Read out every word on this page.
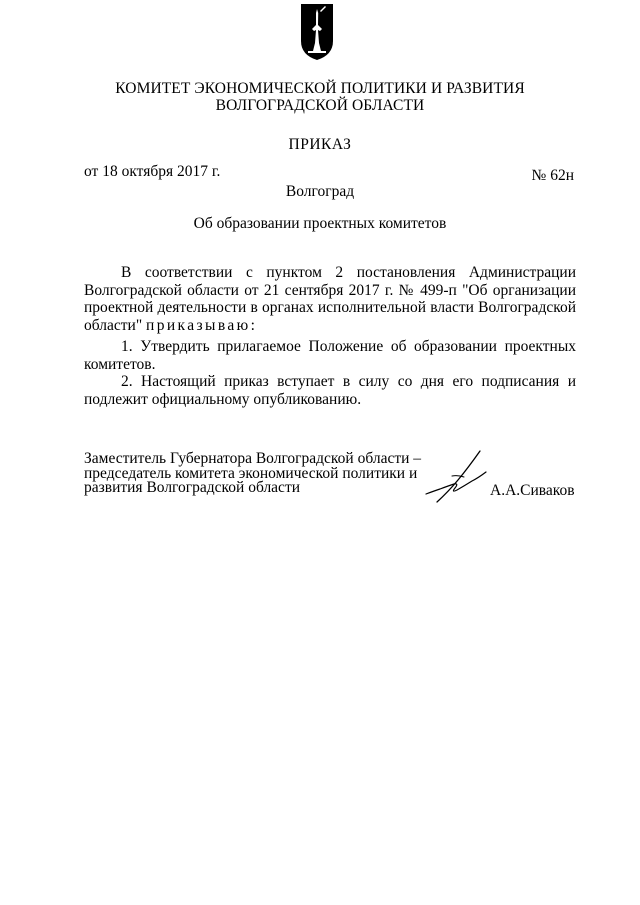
КОМИТЕТ ЭКОНОМИЧЕСКОЙ ПОЛИТИКИ И РАЗВИТИЯ
ВОЛГОГРАДСКОЙ ОБЛАСТИ
ПРИКАЗ
от 18 октября 2017 г.	№ 62н
Волгоград
Об образовании проектных комитетов
В соответствии с пунктом 2 постановления Администрации Волгоградской области от 21 сентября 2017 г. № 499-п "Об организации проектной деятельности в органах исполнительной власти Волгоградской области" приказываю:
1. Утвердить прилагаемое Положение об образовании проектных комитетов.
2. Настоящий приказ вступает в силу со дня его подписания и подлежит официальному опубликованию.
Заместитель Губернатора Волгоградской области –
председатель комитета экономической политики и
развития Волгоградской области	А.А.Сиваков
